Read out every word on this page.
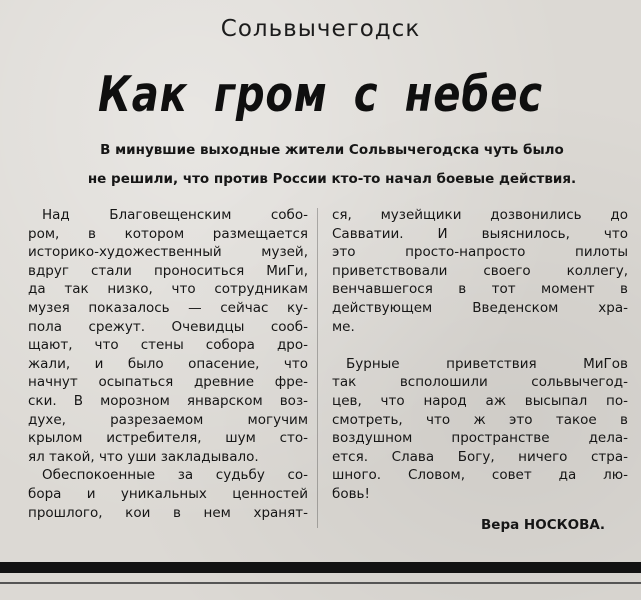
Сольвычегодск
Как гром с небес
В минувшие выходные жители Сольвычегодска чуть было
не решили, что против России кто-то начал боевые действия.
Над Благовещенским собо-
ром, в котором размещается
историко-художественный музей,
вдруг стали проноситься МиГи,
да так низко, что сотрудникам
музея показалось — сейчас ку-
пола срежут. Очевидцы сооб-
щают, что стены собора дро-
жали, и было опасение, что
начнут осыпаться древние фре-
ски. В морозном январском воз-
духе, разрезаемом могучим
крылом истребителя, шум сто-
ял такой, что уши закладывало.
Обеспокоенные за судьбу со-
бора и уникальных ценностей
прошлого, кои в нем хранят-
ся, музейщики дозвонились до
Савватии. И выяснилось, что
это просто-напросто пилоты
приветствовали своего коллегу,
венчавшегося в тот момент в
действующем Введенском хра-
ме.
Бурные приветствия МиГов
так всполошили сольвычегод-
цев, что народ аж высыпал по-
смотреть, что ж это такое в
воздушном пространстве дела-
ется. Слава Богу, ничего стра-
шного. Словом, совет да лю-
бовь!
Вера НОСКОВА.
